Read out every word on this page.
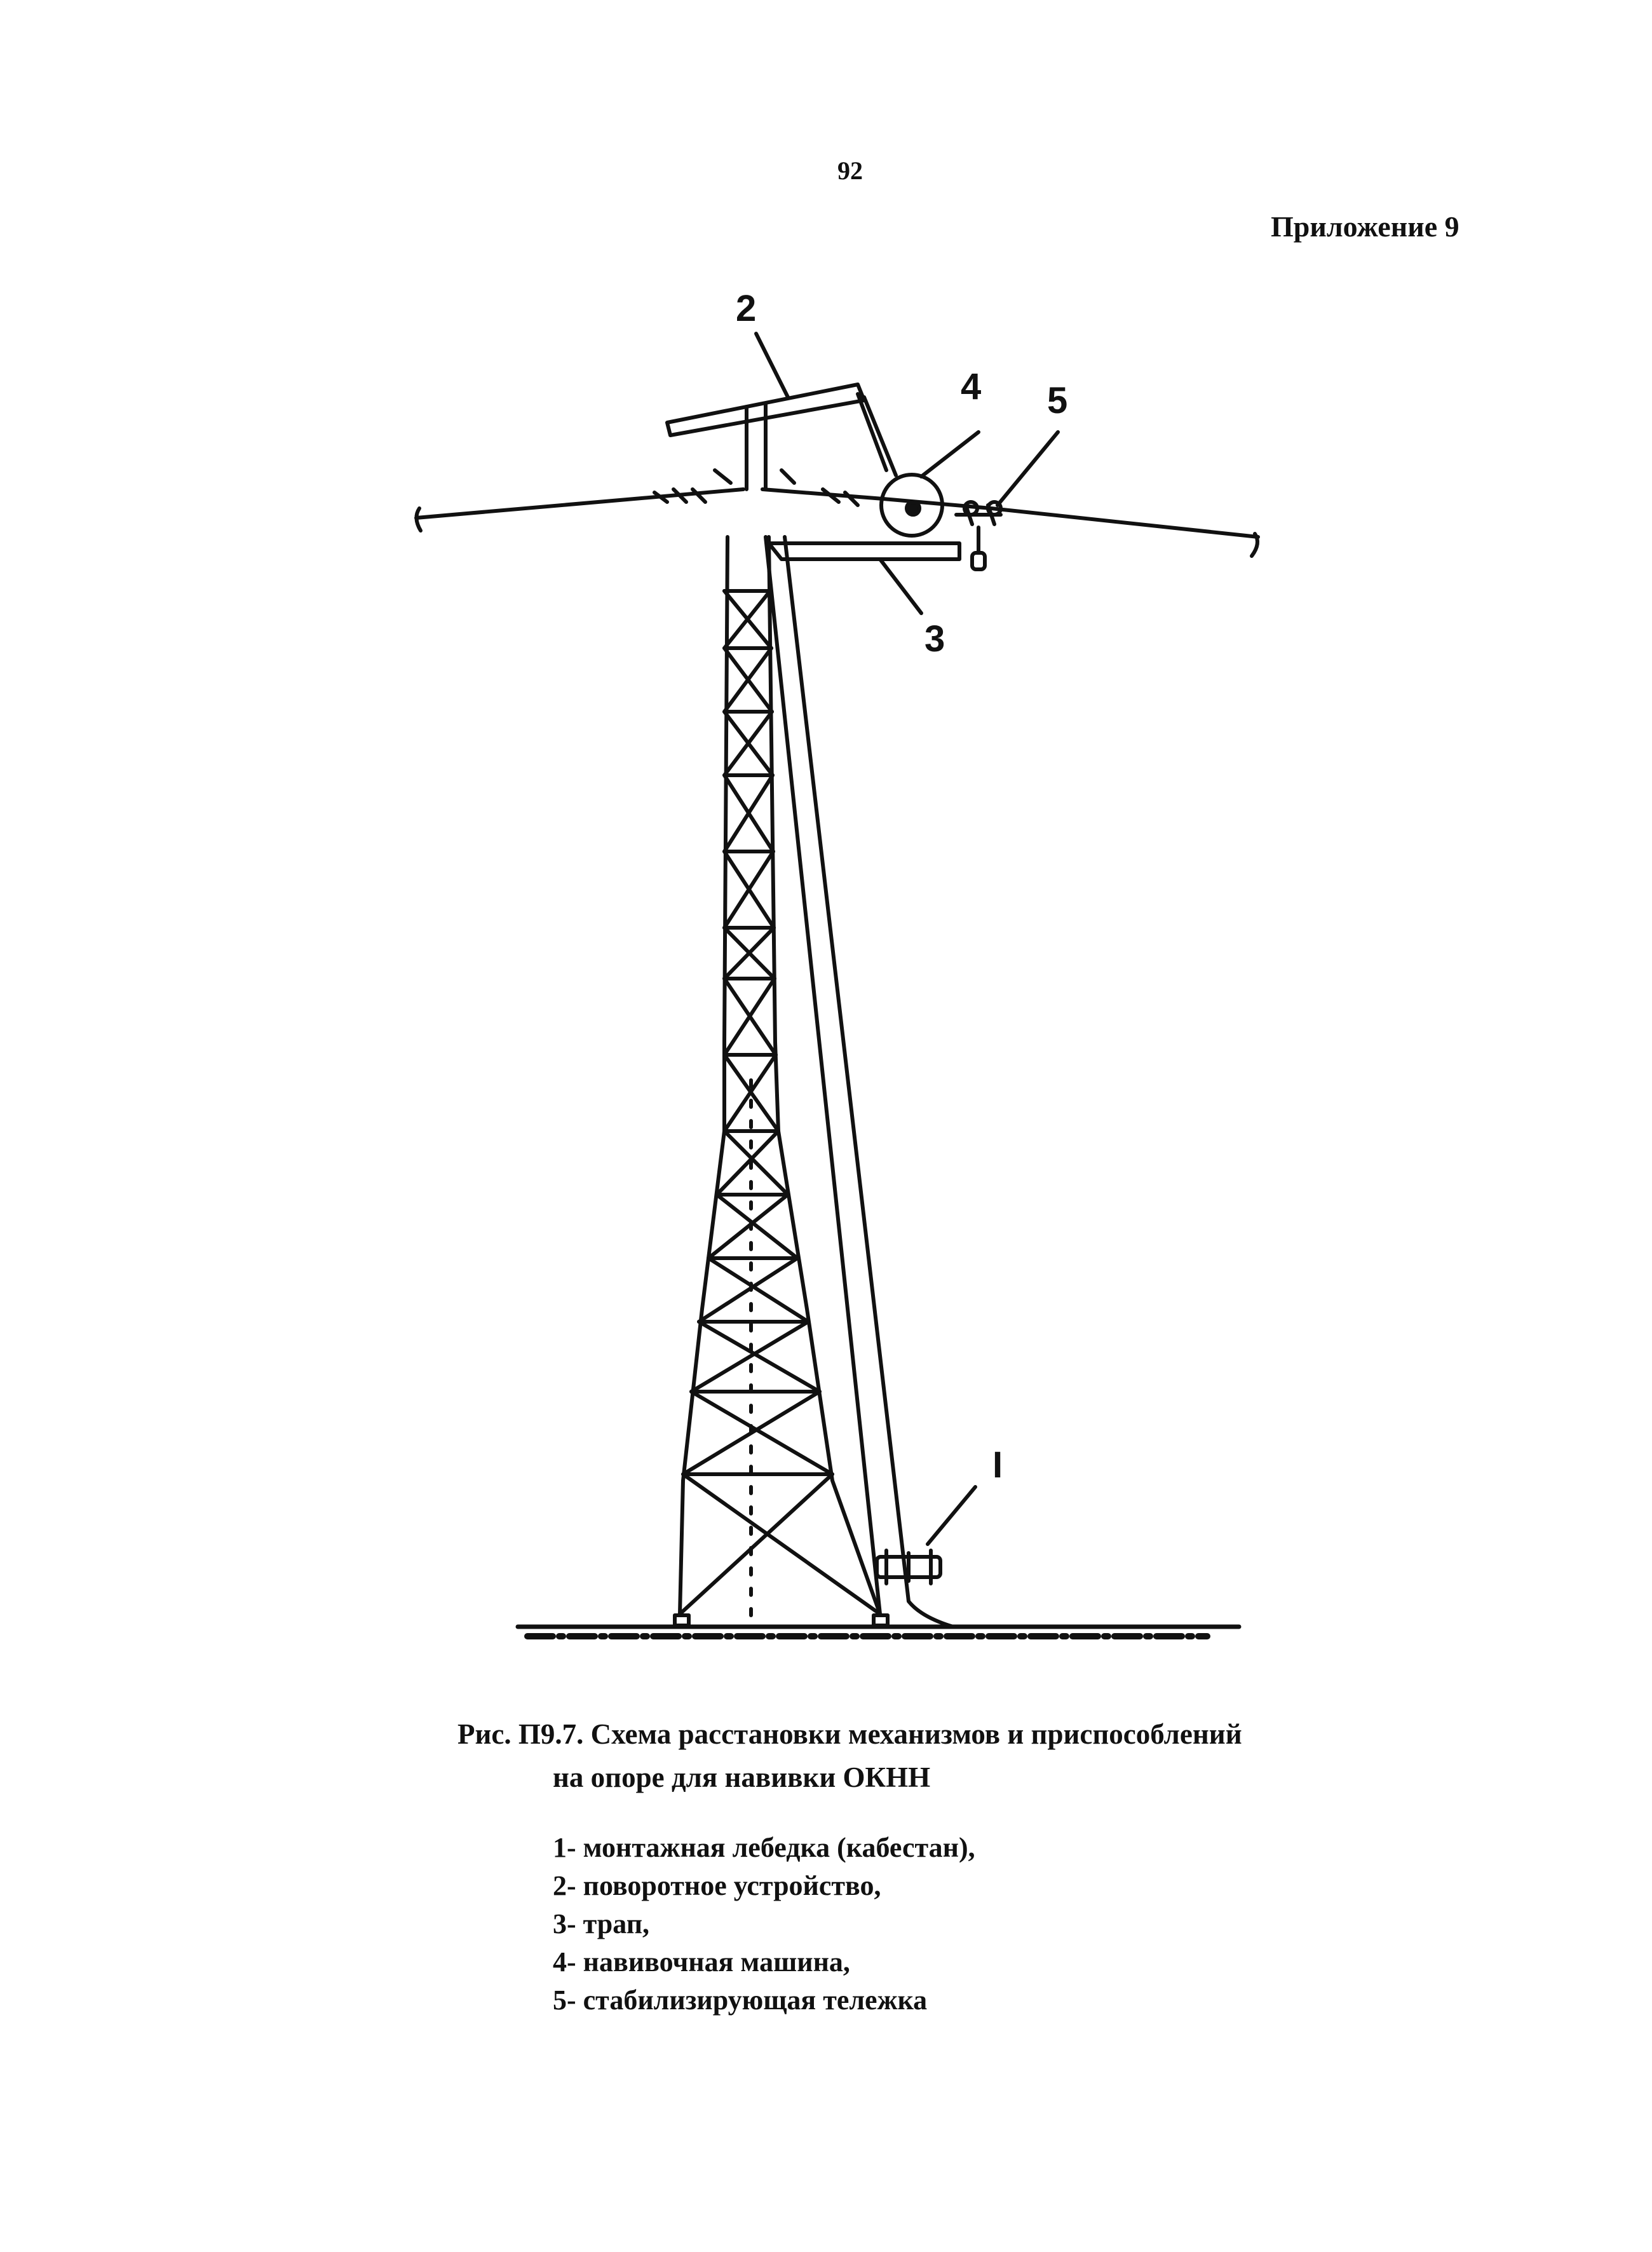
92
Приложение 9
2
4 5
3
I
Рис. П9.7. Схема расстановки механизмов и приспособлений
на опоре для навивки ОКНН
1- монтажная лебедка (кабестан),
2- поворотное устройство,
3- трап,
4- навивочная машина,
5- стабилизирующая тележка
